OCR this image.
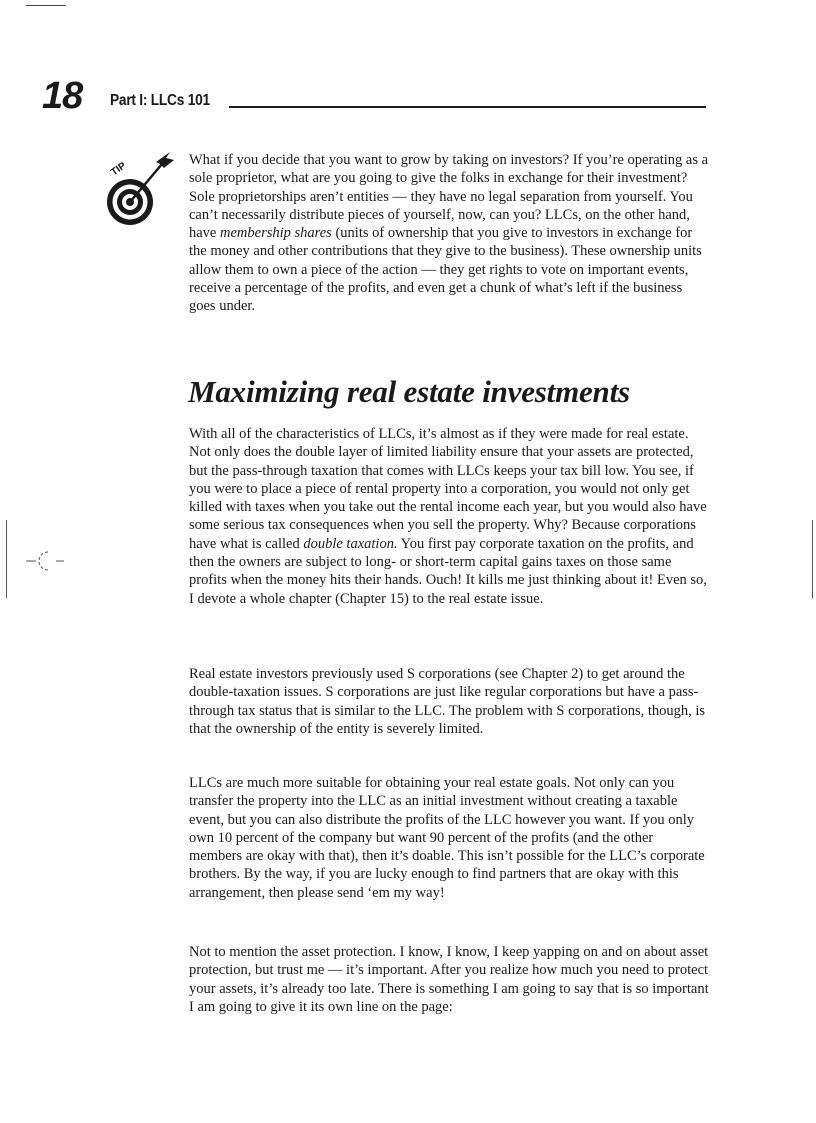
18 Part I: LLCs 101
TIP

What if you decide that you want to grow by taking on investors? If you’re operating as a sole proprietor, what are you going to give the folks in exchange for their investment? Sole proprietorships aren’t entities — they have no legal separation from yourself. You can’t necessarily distribute pieces of yourself, now, can you? LLCs, on the other hand, have membership shares (units of ownership that you give to investors in exchange for the money and other contributions that they give to the business). These ownership units allow them to own a piece of the action — they get rights to vote on important events, receive a percentage of the profits, and even get a chunk of what’s left if the business goes under.

Maximizing real estate investments

With all of the characteristics of LLCs, it’s almost as if they were made for real estate. Not only does the double layer of limited liability ensure that your assets are protected, but the pass-through taxation that comes with LLCs keeps your tax bill low. You see, if you were to place a piece of rental property into a corporation, you would not only get killed with taxes when you take out the rental income each year, but you would also have some serious tax consequences when you sell the property. Why? Because corporations have what is called double taxation. You first pay corporate taxation on the profits, and then the owners are subject to long- or short-term capital gains taxes on those same profits when the money hits their hands. Ouch! It kills me just thinking about it! Even so, I devote a whole chapter (Chapter 15) to the real estate issue.

Real estate investors previously used S corporations (see Chapter 2) to get around the double-taxation issues. S corporations are just like regular corporations but have a pass-through tax status that is similar to the LLC. The problem with S corporations, though, is that the ownership of the entity is severely limited.

LLCs are much more suitable for obtaining your real estate goals. Not only can you transfer the property into the LLC as an initial investment without creating a taxable event, but you can also distribute the profits of the LLC however you want. If you only own 10 percent of the company but want 90 percent of the profits (and the other members are okay with that), then it’s doable. This isn’t possible for the LLC’s corporate brothers. By the way, if you are lucky enough to find partners that are okay with this arrangement, then please send ‘em my way!

Not to mention the asset protection. I know, I know, I keep yapping on and on about asset protection, but trust me — it’s important. After you realize how much you need to protect your assets, it’s already too late. There is something I am going to say that is so important I am going to give it its own line on the page:
